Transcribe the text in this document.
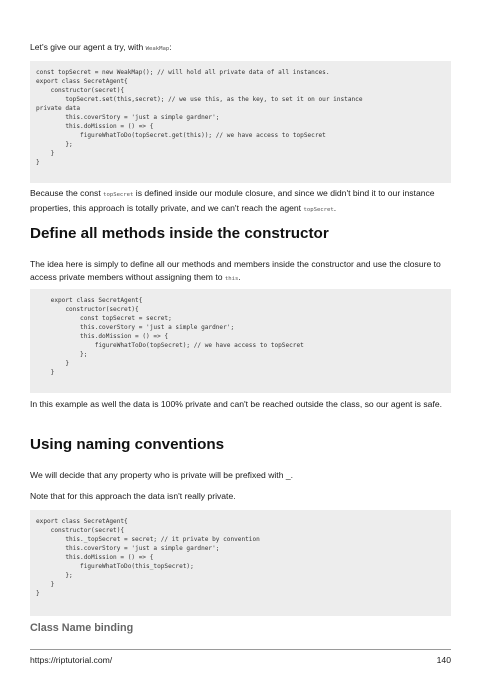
Let's give our agent a try, with WeakMap:

const topSecret = new WeakMap(); // will hold all private data of all instances.
export class SecretAgent{
constructor(secret){
topSecret.set(this,secret); // we use this, as the key, to set it on our instance
private data
this.coverStory = 'just a simple gardner';
this.doMission = () => {
figureWhatToDo(topSecret.get(this)); // we have access to topSecret
};
}
}

Because the const topSecret is defined inside our module closure, and since we didn't bind it to our instance properties, this approach is totally private, and we can't reach the agent topSecret.

Define all methods inside the constructor

The idea here is simply to define all our methods and members inside the constructor and use the closure to access private members without assigning them to this.

export class SecretAgent{
constructor(secret){
const topSecret = secret;
this.coverStory = 'just a simple gardner';
this.doMission = () => {
figureWhatToDo(topSecret); // we have access to topSecret
};
}
}

In this example as well the data is 100% private and can't be reached outside the class, so our agent is safe.

Using naming conventions

We will decide that any property who is private will be prefixed with _.

Note that for this approach the data isn't really private.

export class SecretAgent{
constructor(secret){
this._topSecret = secret; // it private by convention
this.coverStory = 'just a simple gardner';
this.doMission = () => {
figureWhatToDo(this_topSecret);
};
}
}
Class Name binding
https://riptutorial.com/	140
